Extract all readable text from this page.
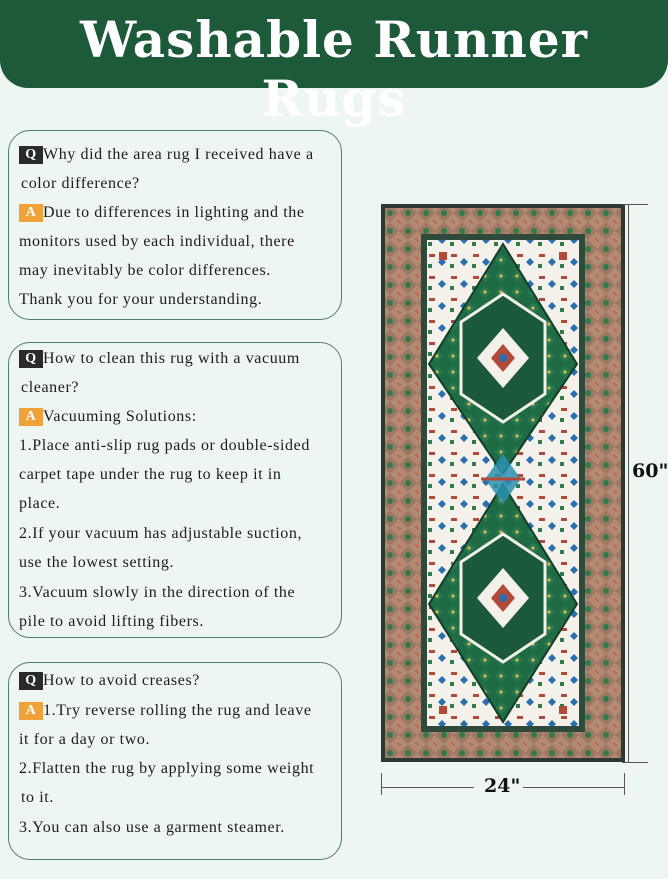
Washable Runner Rugs
Q Why did the area rug I received have a
color difference?
A Due to differences in lighting and the
monitors used by each individual, there
may inevitably be color differences.
Thank you for your understanding.
Q How to clean this rug with a vacuum
cleaner?
A Vacuuming Solutions:
1.Place anti-slip rug pads or double-sided
carpet tape under the rug to keep it in
place.
2.If your vacuum has adjustable suction,
use the lowest setting.
3.Vacuum slowly in the direction of the
pile to avoid lifting fibers.
Q How to avoid creases?
A 1.Try reverse rolling the rug and leave
it for a day or two.
2.Flatten the rug by applying some weight
to it.
3.You can also use a garment steamer.
60"
24"
